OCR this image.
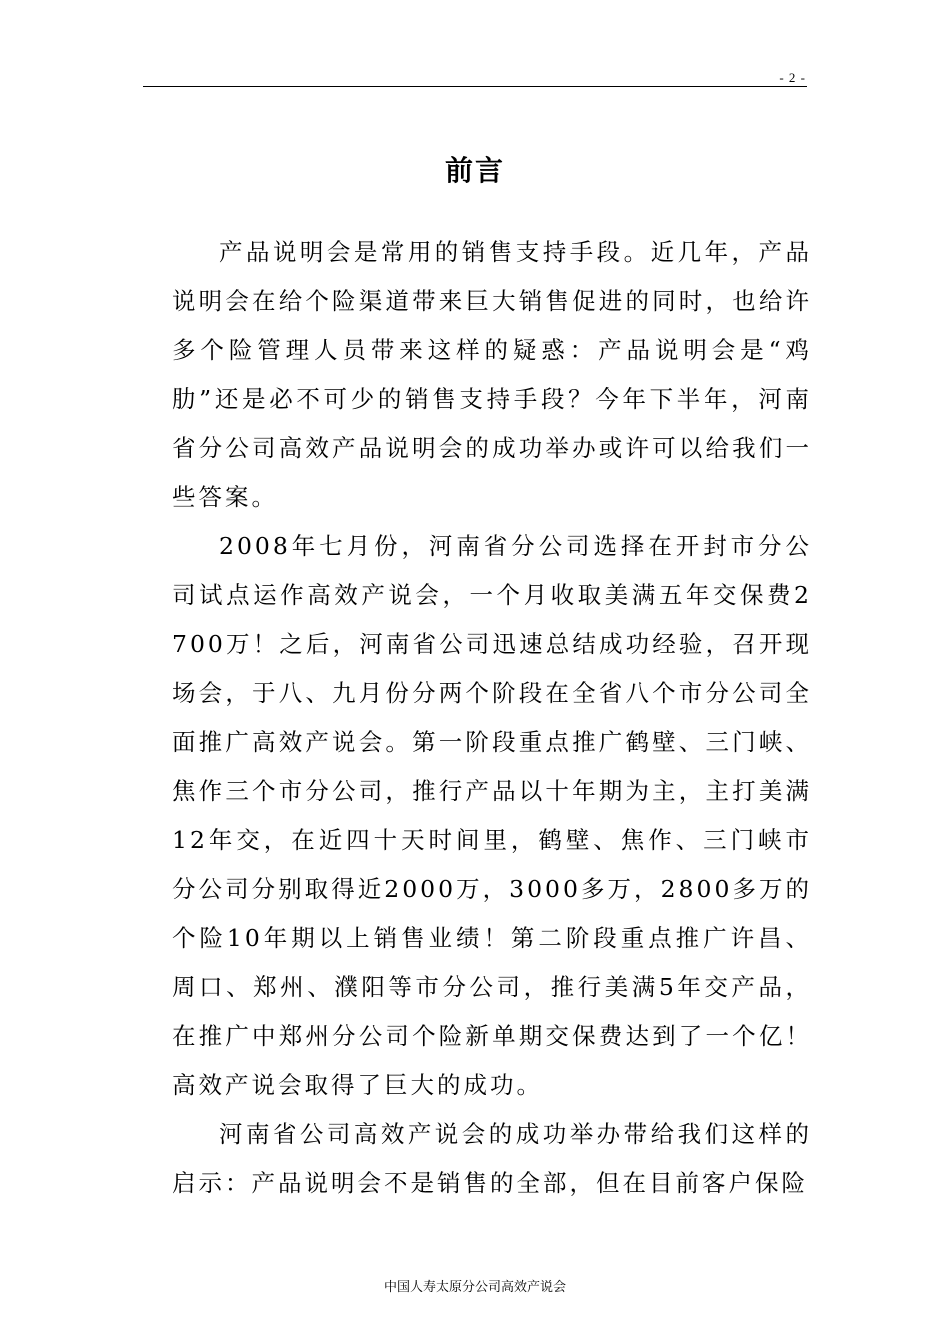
- 2 -
前言

产品说明会是常用的销售支持手段。近几年，产品说明会在给个险渠道带来巨大销售促进的同时，也给许多个险管理人员带来这样的疑惑：产品说明会是“鸡肋”还是必不可少的销售支持手段？今年下半年，河南省分公司高效产品说明会的成功举办或许可以给我们一些答案。

2008年七月份，河南省分公司选择在开封市分公司试点运作高效产说会，一个月收取美满五年交保费2700万！之后，河南省公司迅速总结成功经验，召开现场会，于八、九月份分两个阶段在全省八个市分公司全面推广高效产说会。第一阶段重点推广鹤壁、三门峡、焦作三个市分公司，推行产品以十年期为主，主打美满12年交，在近四十天时间里，鹤壁、焦作、三门峡市分公司分别取得近2000万，3000多万，2800多万的个险10年期以上销售业绩！第二阶段重点推广许昌、周口、郑州、濮阳等市分公司，推行美满5年交产品，在推广中郑州分公司个险新单期交保费达到了一个亿！高效产说会取得了巨大的成功。

河南省公司高效产说会的成功举办带给我们这样的启示：产品说明会不是销售的全部，但在目前客户保险

中国人寿太原分公司高效产说会
